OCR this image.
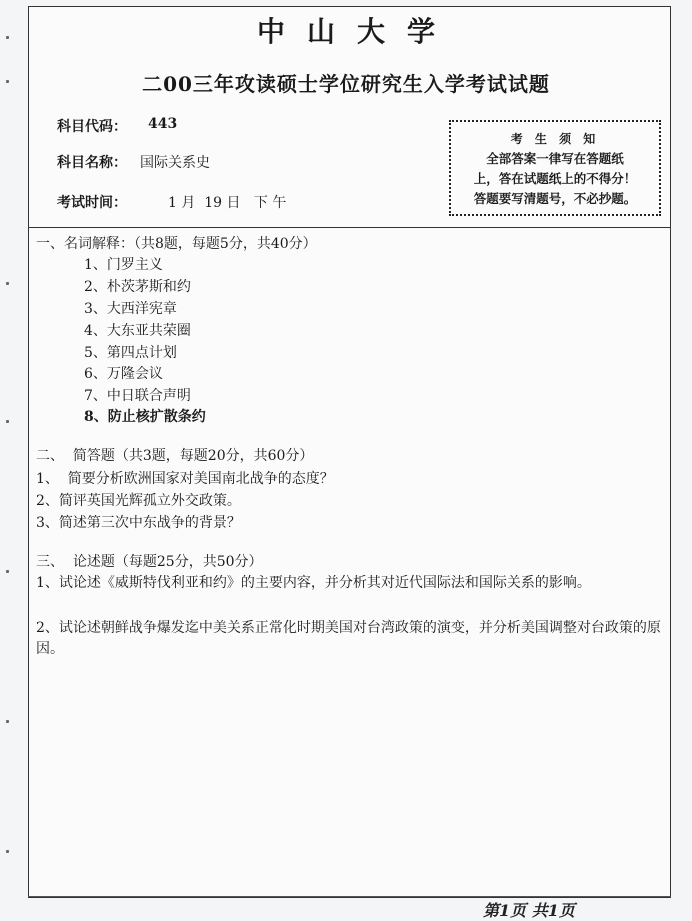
中山大学
二00三年攻读硕士学位研究生入学考试试题
科目代码： 443
科目名称： 国际关系史
考试时间：	1 月  19 日   下 午
考 生 须 知
全部答案一律写在答题纸
上，答在试题纸上的不得分！
答题要写清题号，不必抄题。
一、名词解释：（共8题，每题5分，共40分）
1、门罗主义
2、朴茨茅斯和约
3、大西洋宪章
4、大东亚共荣圈
5、第四点计划
6、万隆会议
7、中日联合声明
8、防止核扩散条约
二、  简答题（共3题，每题20分，共60分）
1、  简要分析欧洲国家对美国南北战争的态度？
2、简评英国光辉孤立外交政策。
3、简述第三次中东战争的背景？
三、  论述题（每题25分，共50分）
1、试论述《威斯特伐利亚和约》的主要内容，并分析其对近代国际法和国际关系的影响。
2、试论述朝鲜战争爆发迄中美关系正常化时期美国对台湾政策的演变，并分析美国调整对台政策的原因。
第1页 共1页
